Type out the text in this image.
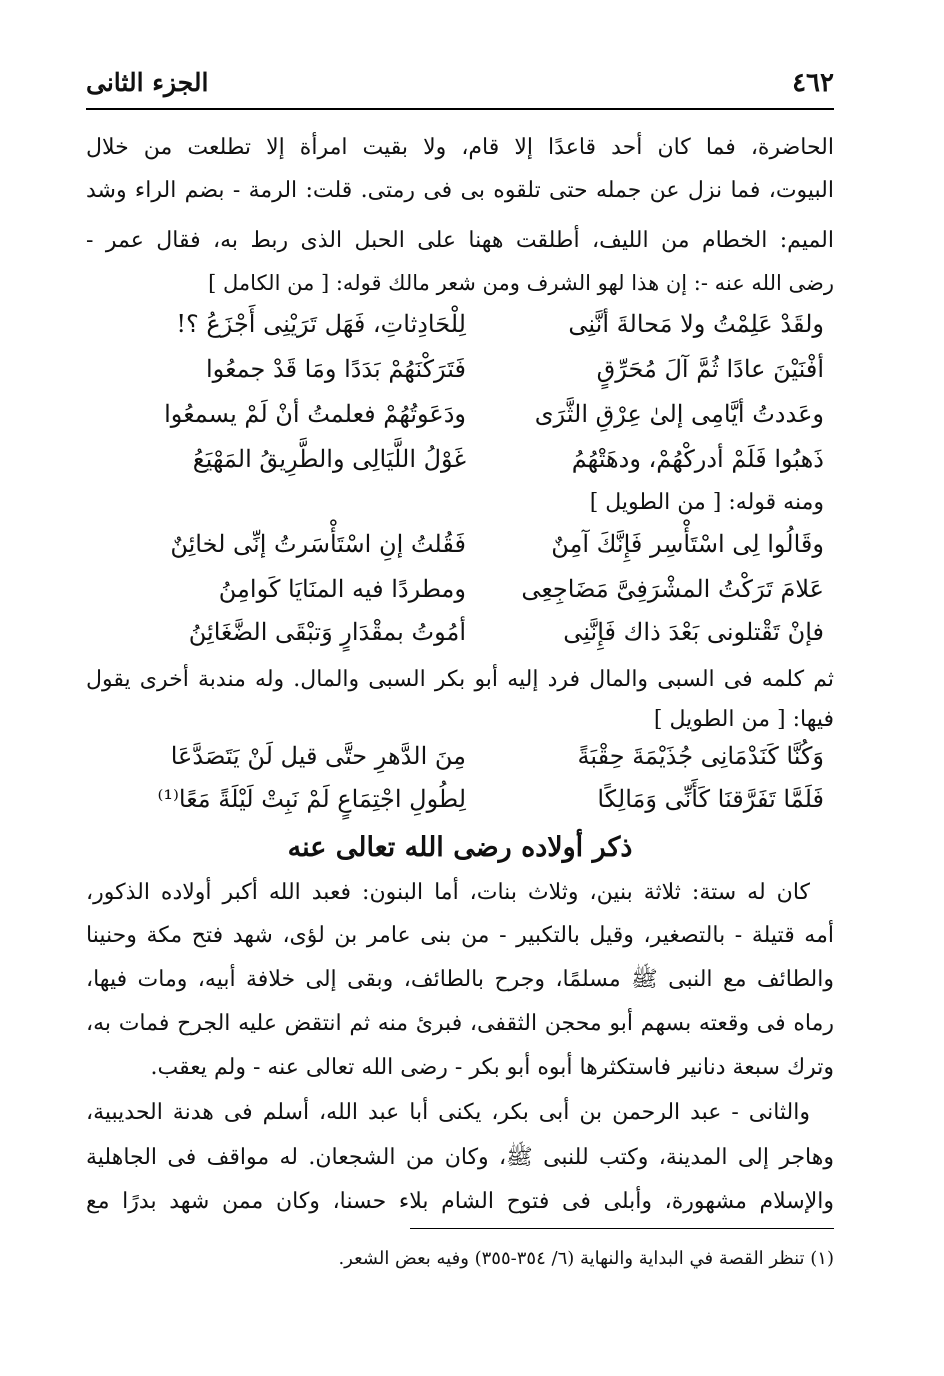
٤٦٢
الجزء الثانى
الحاضرة، فما كان أحد قاعدًا إلا قام، ولا بقيت امرأة إلا تطلعت من خلال
البيوت، فما نزل عن جمله حتى تلقوه بى فى رمتى. قلت: الرمة - بضم الراء وشد
الميم: الخطام من الليف، أطلقت ههنا على الحبل الذى ربط به، فقال عمر -
رضى الله عنه -: إن هذا لهو الشرف ومن شعر مالك قوله: [ من الكامل ]
ولقَدْ عَلِمْتُ ولا مَحالةَ أنَّنِى
لِلْحَادِثاتِ، فَهَل تَرَيْنِى أَجْزَعُ ؟!
أفْنَيْنَ عادًا ثُمَّ آلَ مُحَرِّقٍ
فَتَرَكْنَهُمْ بَدَدًا ومَا قَدْ جمعُوا
وعَددتُ أيَّامِى إلىٰ عِرْقِ الثَّرَى
ودَعَوتُهُمْ فعلمتُ أنْ لَمْ يسمعُوا
ذَهبُوا فَلَمْ أدركْهُمْ، ودهَتْهُمُ
غَوْلُ اللَّيَالِى والطَّرِيقُ المَهْيَعُ
ومنه قوله: [ من الطويل ]
وقَالُوا لِى اسْتَأْسِر فَإِنَّكَ آمِنٌ
فَقُلتُ إنِ اسْتَأْسَرتُ إنِّى لخائِنٌ
عَلامَ تَرَكْتُ المشْرَفِىَّ مَضَاجِعِى
ومطردًا فيه المنَايَا كَوامِنُ
فإنْ تَقْتلونى بَعْدَ ذاك فَإِنَّنِى
أمُوتُ بمقْدَارٍ وَتبْقَى الضَّغَائِنُ
ثم كلمه فى السبى والمال فرد إليه أبو بكر السبى والمال. وله مندبة أخرى يقول
فيها: [ من الطويل ]
وَكُنَّا كَنَدْمَانِى جُذَيْمَةَ حِقْبَةً
مِنَ الدَّهرِ حتَّى قيل لَنْ يَتَصَدَّعَا
فَلَمَّا تَفَرَّقنَا كَأَنِّى وَمَالِكًا
لِطُولِ اجْتِمَاعٍ لَمْ نَبِتْ لَيْلَةً مَعًا⁽¹⁾
ذكر أولاده رضى الله تعالى عنه
كان له ستة: ثلاثة بنين، وثلاث بنات، أما البنون: فعبد الله أكبر أولاده الذكور،
أمه قتيلة - بالتصغير، وقيل بالتكبير - من بنى عامر بن لؤى، شهد فتح مكة وحنينا
والطائف مع النبى ﷺ مسلمًا، وجرح بالطائف، وبقى إلى خلافة أبيه، ومات فيها،
رماه فى وقعته بسهم أبو محجن الثقفى، فبرئ منه ثم انتقض عليه الجرح فمات به،
وترك سبعة دنانير فاستكثرها أبوه أبو بكر - رضى الله تعالى عنه - ولم يعقب.
والثانى - عبد الرحمن بن أبى بكر، يكنى أبا عبد الله، أسلم فى هدنة الحديبية،
وهاجر إلى المدينة، وكتب للنبى ﷺ، وكان من الشجعان. له مواقف فى الجاهلية
والإسلام مشهورة، وأبلى فى فتوح الشام بلاء حسنا، وكان ممن شهد بدرًا مع
(١) تنظر القصة في البداية والنهاية (٦/ ٣٥٤-٣٥٥) وفيه بعض الشعر.
